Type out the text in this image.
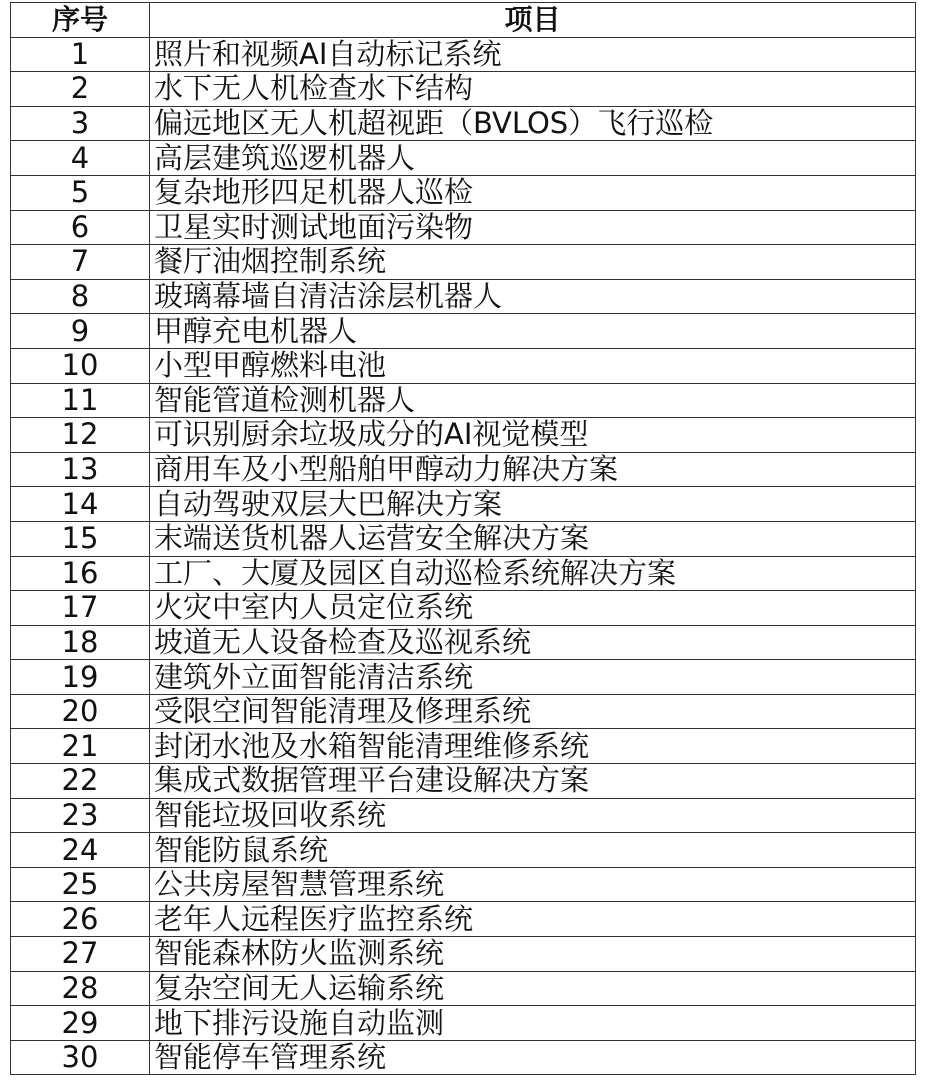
序号	项目
1	照片和视频AI自动标记系统
2	水下无人机检查水下结构
3	偏远地区无人机超视距（BVLOS）飞行巡检
4	高层建筑巡逻机器人
5	复杂地形四足机器人巡检
6	卫星实时测试地面污染物
7	餐厅油烟控制系统
8	玻璃幕墙自清洁涂层机器人
9	甲醇充电机器人
10	小型甲醇燃料电池
11	智能管道检测机器人
12	可识别厨余垃圾成分的AI视觉模型
13	商用车及小型船舶甲醇动力解决方案
14	自动驾驶双层大巴解决方案
15	末端送货机器人运营安全解决方案
16	工厂、大厦及园区自动巡检系统解决方案
17	火灾中室内人员定位系统
18	坡道无人设备检查及巡视系统
19	建筑外立面智能清洁系统
20	受限空间智能清理及修理系统
21	封闭水池及水箱智能清理维修系统
22	集成式数据管理平台建设解决方案
23	智能垃圾回收系统
24	智能防鼠系统
25	公共房屋智慧管理系统
26	老年人远程医疗监控系统
27	智能森林防火监测系统
28	复杂空间无人运输系统
29	地下排污设施自动监测
30	智能停车管理系统
